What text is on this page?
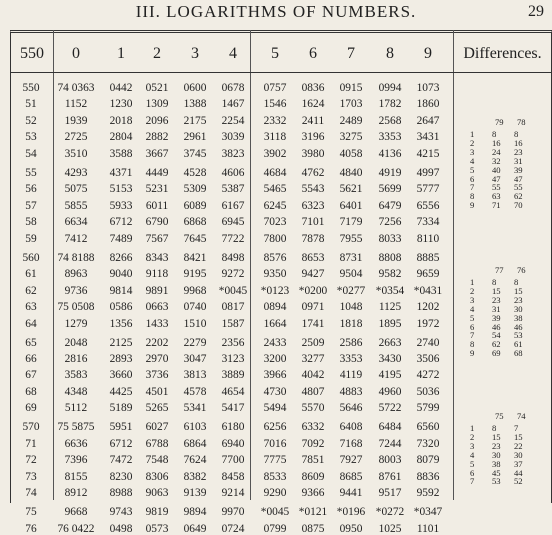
III. LOGARITHMS OF NUMBERS.	29
550	0	1	2	3	4	5	6	7	8	9	Differences.
550	74 0363	0442	0521	0600	0678	0757	0836	0915	0994	1073
51	1152	1230	1309	1388	1467	1546	1624	1703	1782	1860
52	1939	2018	2096	2175	2254	2332	2411	2489	2568	2647
53	2725	2804	2882	2961	3039	3118	3196	3275	3353	3431
54	3510	3588	3667	3745	3823	3902	3980	4058	4136	4215
55	4293	4371	4449	4528	4606	4684	4762	4840	4919	4997
56	5075	5153	5231	5309	5387	5465	5543	5621	5699	5777
57	5855	5933	6011	6089	6167	6245	6323	6401	6479	6556
58	6634	6712	6790	6868	6945	7023	7101	7179	7256	7334
59	7412	7489	7567	7645	7722	7800	7878	7955	8033	8110
560	74 8188	8266	8343	8421	8498	8576	8653	8731	8808	8885
61	8963	9040	9118	9195	9272	9350	9427	9504	9582	9659
62	9736	9814	9891	9968	*0045	*0123 *0200 *0277 *0354 *0431
63	75 0508	0586	0663	0740	0817	0894	0971	1048	1125	1202
64	1279	1356	1433	1510	1587	1664	1741	1818	1895	1972
65	2048	2125	2202	2279	2356	2433	2509	2586	2663	2740
66	2816	2893	2970	3047	3123	3200	3277	3353	3430	3506
67	3583	3660	3736	3813	3889	3966	4042	4119	4195	4272
68	4348	4425	4501	4578	4654	4730	4807	4883	4960	5036
69	5112	5189	5265	5341	5417	5494	5570	5646	5722	5799
570	75 5875	5951	6027	6103	6180	6256	6332	6408	6484	6560
71	6636	6712	6788	6864	6940	7016	7092	7168	7244	7320
72	7396	7472	7548	7624	7700	7775	7851	7927	8003	8079
73	8155	8230	8306	8382	8458	8533	8609	8685	8761	8836
74	8912	8988	9063	9139	9214	9290	9366	9441	9517	9592
75	9668	9743	9819	9894	9970	*0045 *0121 *0196 *0272 *0347
76	76 0422	0498	0573	0649	0724	0799	0875	0950	1025	1101
79 78
1 8 8
2 16 16
3 24 23
4 32 31
5 40 39
6 47 47
7 55 55
8 63 62
9 71 70
77 76
1 8 8
2 15 15
3 23 23
4 31 30
5 39 38
6 46 46
7 54 53
8 62 61
9 69 68
75 74
1 8 7
2 15 15
3 23 22
4 30 30
5 38 37
6 45 44
7 53 52
